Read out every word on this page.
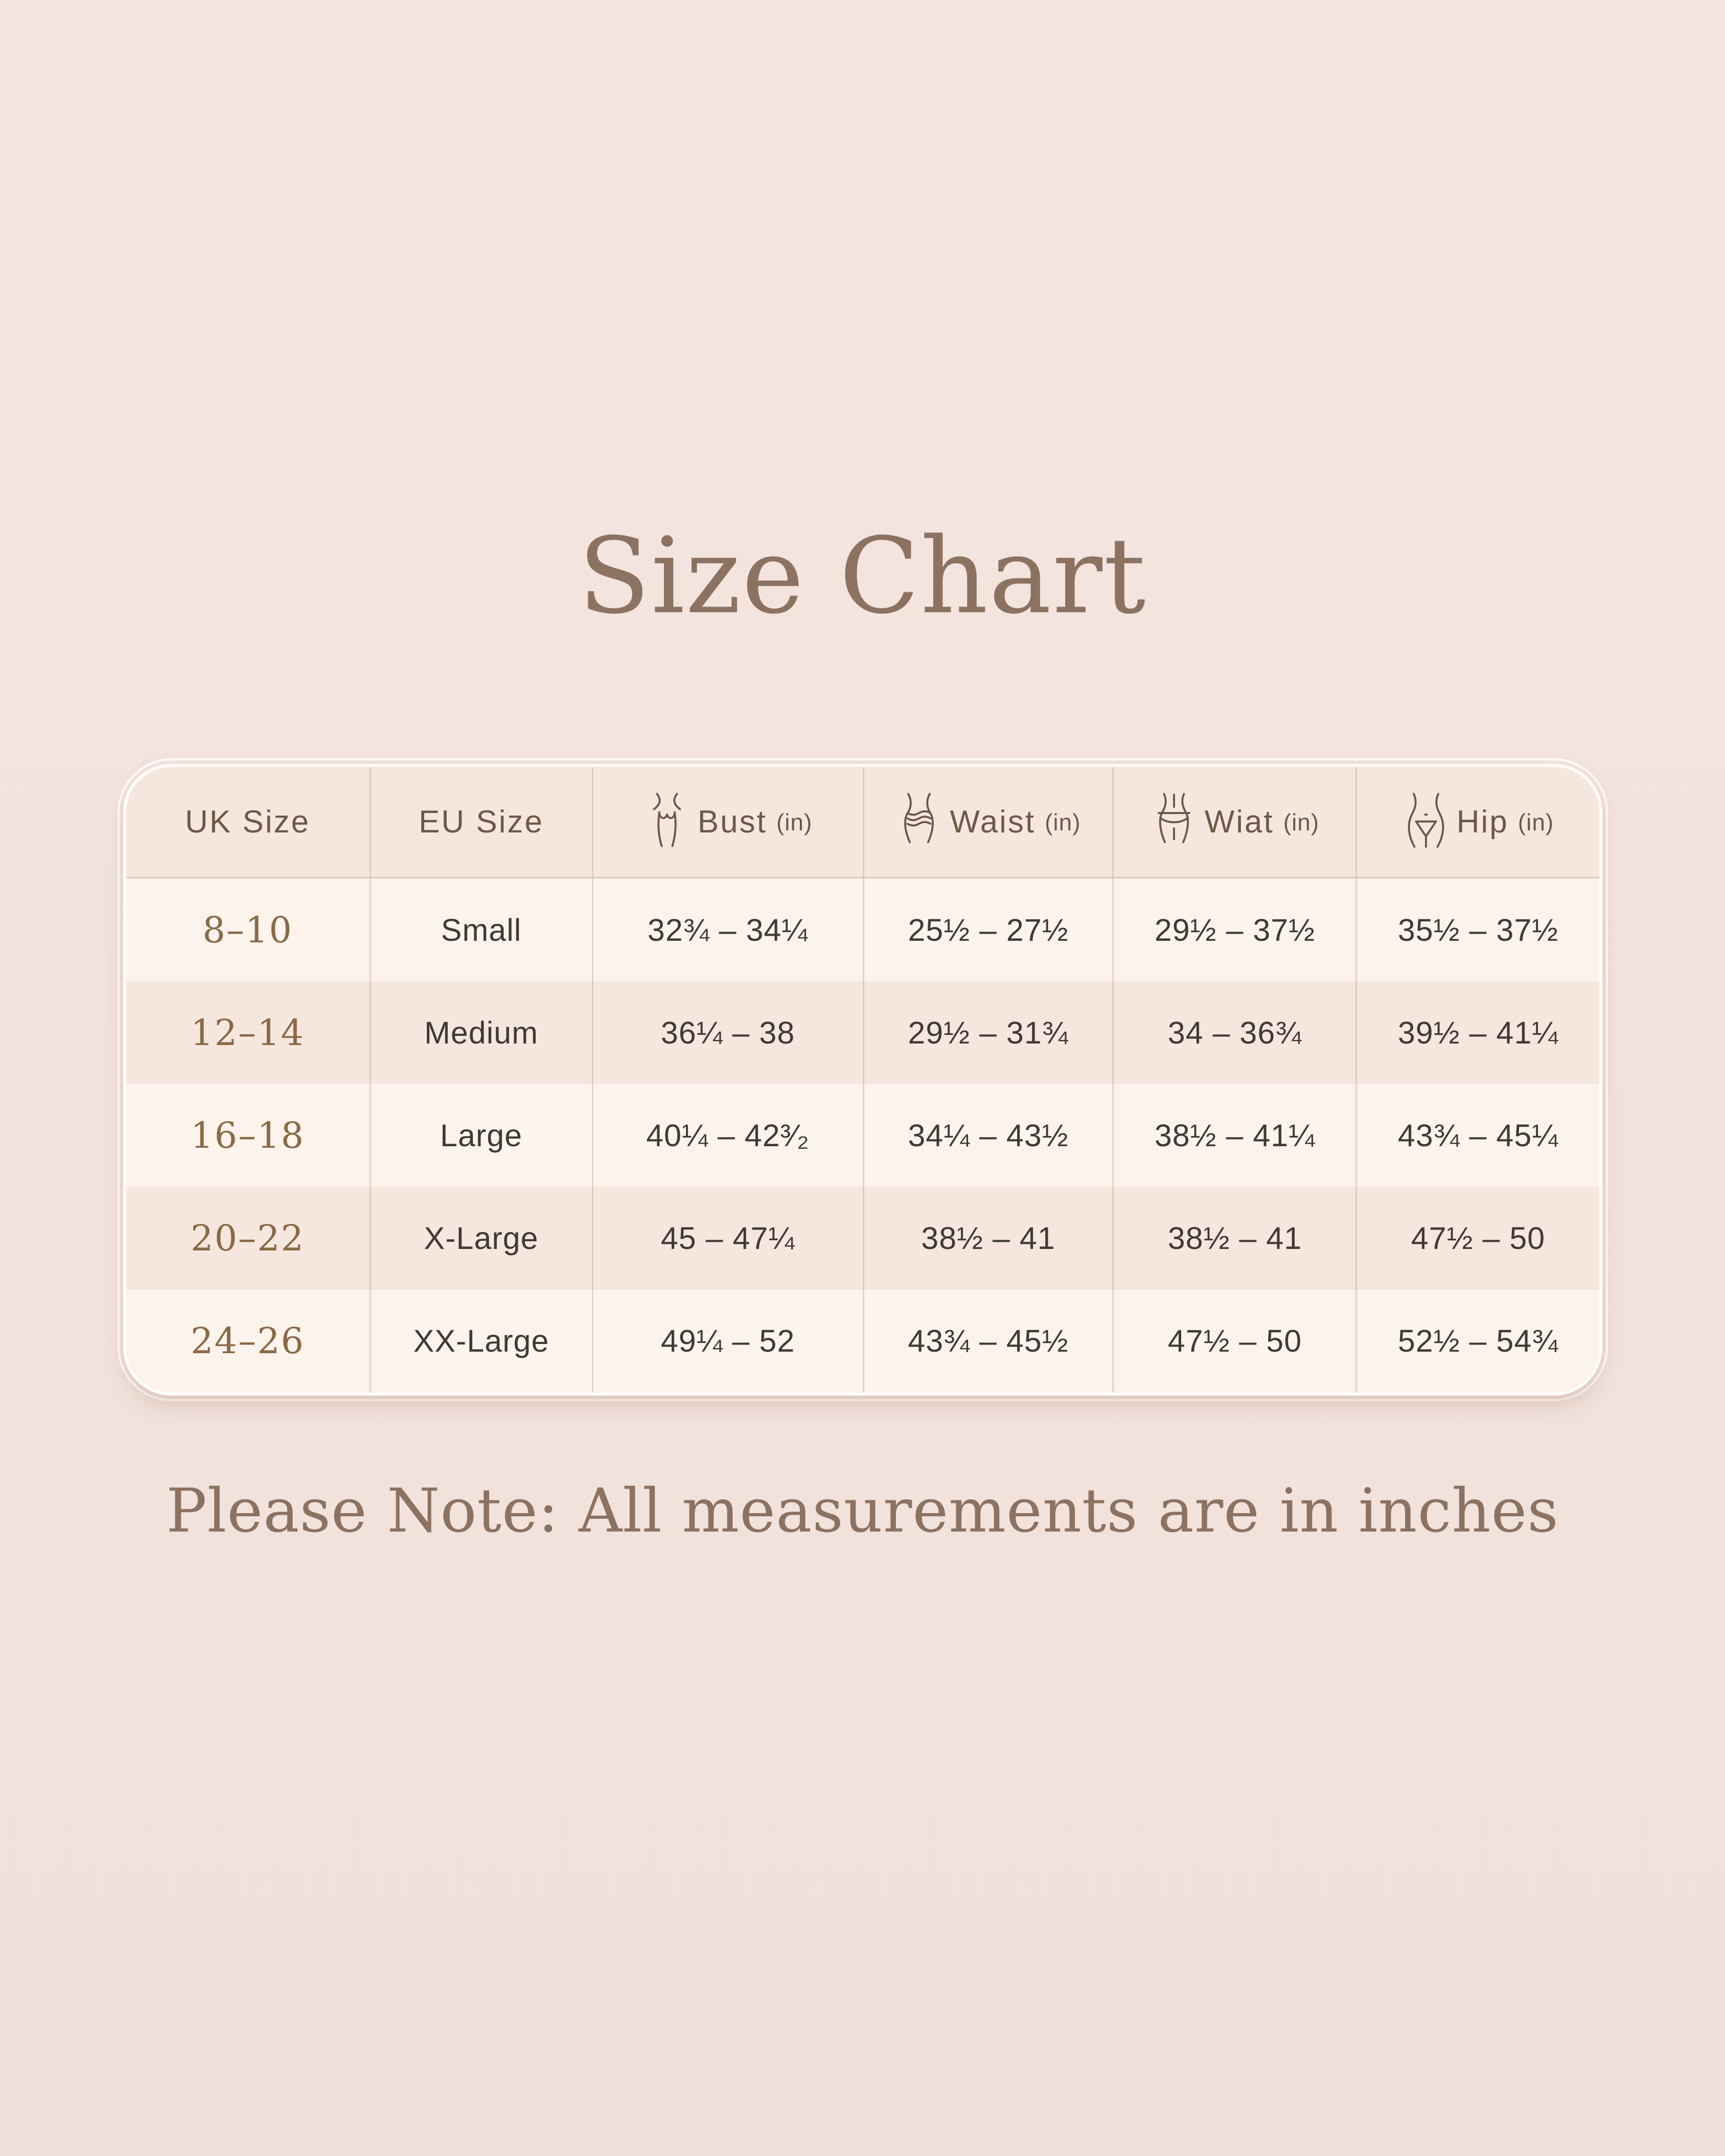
Size Chart
UK Size	EU Size	Bust (in)	Waist (in)	Wiat (in)	Hip (in)
8–10	Small	32¾ – 34¼	25½ – 27½	29½ – 37½	35½ – 37½
12–14	Medium	36¼ – 38	29½ – 31¾	34 – 36¾	39½ – 41¼
16–18	Large	40¼ – 42³⁄₂	34¼ – 43½	38½ – 41¼	43¾ – 45¼
20–22	X-Large	45 – 47¼	38½ – 41	38½ – 41	47½ – 50
24–26	XX-Large	49¼ – 52	43¾ – 45½	47½ – 50	52½ – 54¾
Please Note: All measurements are in inches
